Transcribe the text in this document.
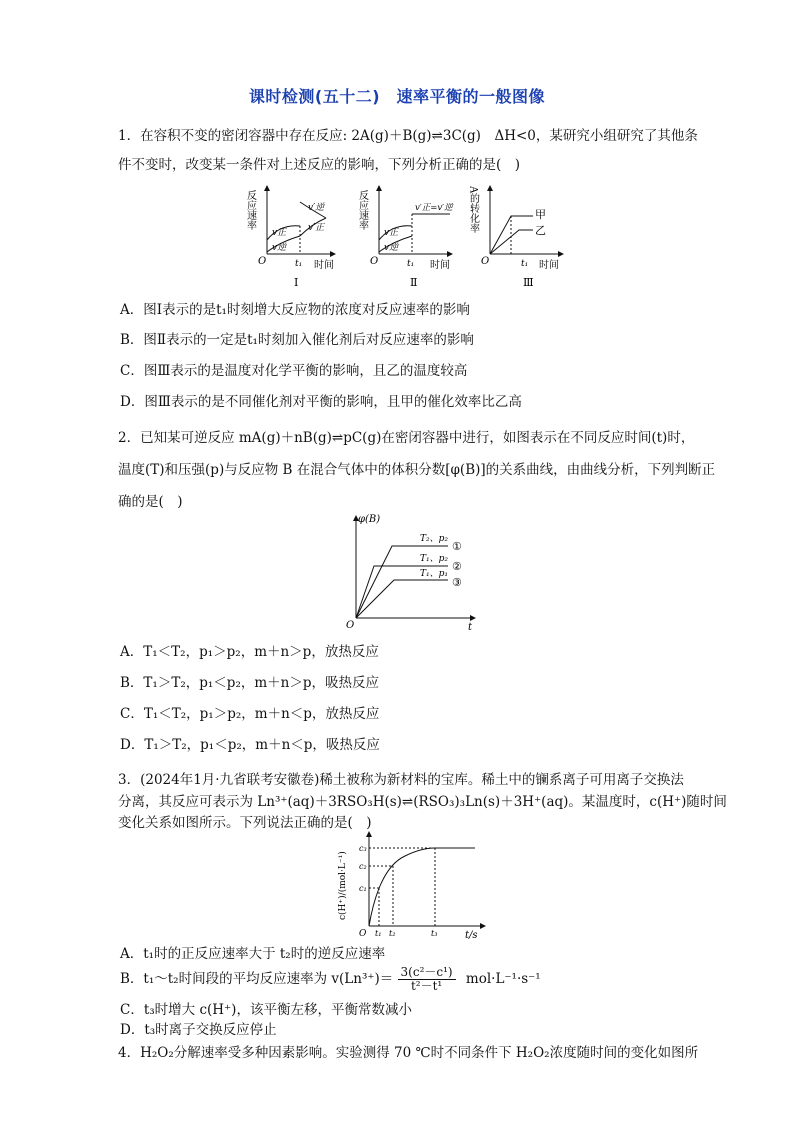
课时检测(五十二)　速率平衡的一般图像
1．在容积不变的密闭容器中存在反应: 2A(g)＋B(g)⇌3C(g)　ΔH<0，某研究小组研究了其他条
件不变时，改变某一条件对上述反应的影响，下列分析正确的是(　)
反应速率
v正
v逆
v′逆
v′正
O	t₁ 时间
Ⅰ
反应速率
v正
v逆
v′正=v′逆
O	t₁ 时间
Ⅱ
A的转化率	甲
乙
O	t₁ 时间
Ⅲ
A．图Ⅰ表示的是t₁时刻增大反应物的浓度对反应速率的影响
B．图Ⅱ表示的一定是t₁时刻加入催化剂后对反应速率的影响
C．图Ⅲ表示的是温度对化学平衡的影响，且乙的温度较高
D．图Ⅲ表示的是不同催化剂对平衡的影响，且甲的催化效率比乙高
2．已知某可逆反应 mA(g)＋nB(g)⇌pC(g)在密闭容器中进行，如图表示在不同反应时间(t)时，
温度(T)和压强(p)与反应物 B 在混合气体中的体积分数[φ(B)]的关系曲线，由曲线分析，下列判断正
确的是(　)
φ(B)
T₂、p₂
T₁、p₂
T₁、p₁
①
②
③
O	t
A．T₁＜T₂，p₁＞p₂，m＋n＞p，放热反应
B．T₁＞T₂，p₁＜p₂，m＋n＞p，吸热反应
C．T₁＜T₂，p₁＞p₂，m＋n＜p，放热反应
D．T₁＞T₂，p₁＜p₂，m＋n＜p，吸热反应
3．(2024年1月·九省联考安徽卷)稀土被称为新材料的宝库。稀土中的镧系离子可用离子交换法
分离，其反应可表示为 Ln³⁺(aq)＋3RSO₃H(s)⇌(RSO₃)₃Ln(s)＋3H⁺(aq)。某温度时，c(H⁺)随时间
变化关系如图所示。下列说法正确的是(　)
c(H⁺)/(mol·L⁻¹)
c₃
c₂
c₁
O t₁ t₂	t₃	t/s
A．t₁时的正反应速率大于 t₂时的逆反应速率
B．t₁～t₂时间段的平均反应速率为 $v(Ln^{3+})= \frac{\text{3(c²－c¹)}}{\text{t²－t¹}} mol\cdot L^{-1}\cdot s^{-1}$
C．t₃时增大 c(H⁺)，该平衡左移，平衡常数减小
D．t₃时离子交换反应停止
4．H₂O₂分解速率受多种因素影响。实验测得 70 ℃时不同条件下 H₂O₂浓度随时间的变化如图所
